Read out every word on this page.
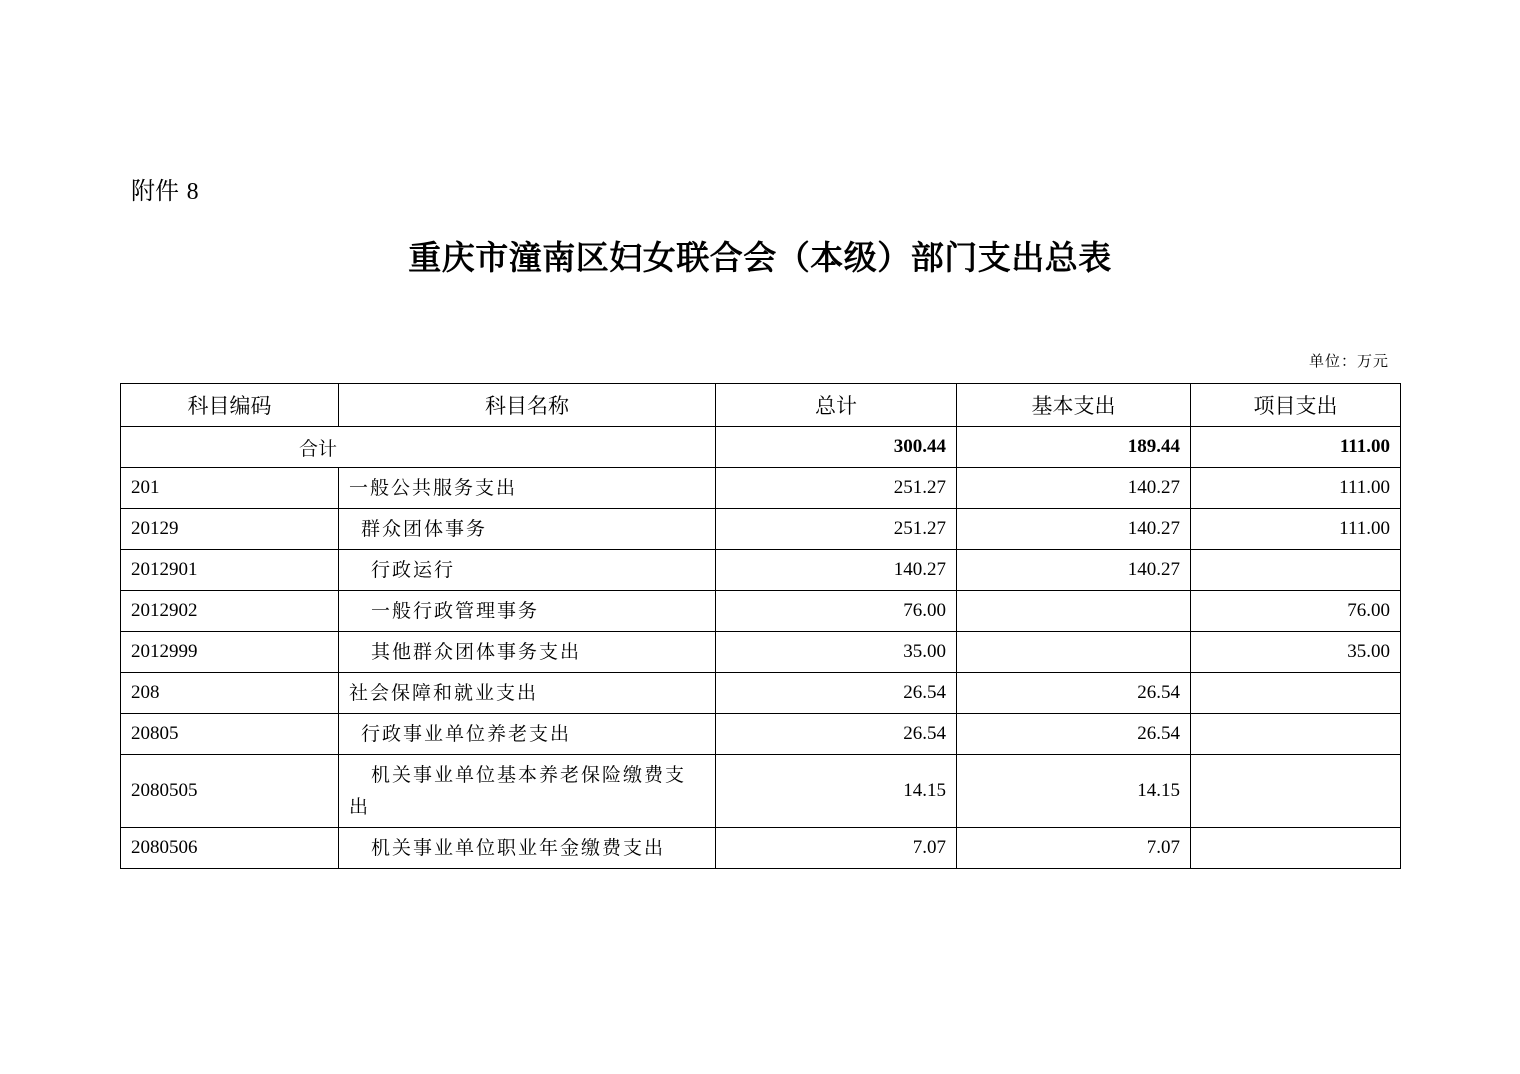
附件 8
重庆市潼南区妇女联合会（本级）部门支出总表
单位：万元
科目编码	科目名称	总计	基本支出	项目支出
合计		300.44	189.44	111.00
201	一般公共服务支出	251.27	140.27	111.00
20129	群众团体事务	251.27	140.27	111.00
2012901	行政运行	140.27	140.27	
2012902	一般行政管理事务	76.00		76.00
2012999	其他群众团体事务支出	35.00		35.00
208	社会保障和就业支出	26.54	26.54	
20805	行政事业单位养老支出	26.54	26.54	
2080505	机关事业单位基本养老保险缴费支出	14.15	14.15	
2080506	机关事业单位职业年金缴费支出	7.07	7.07	
